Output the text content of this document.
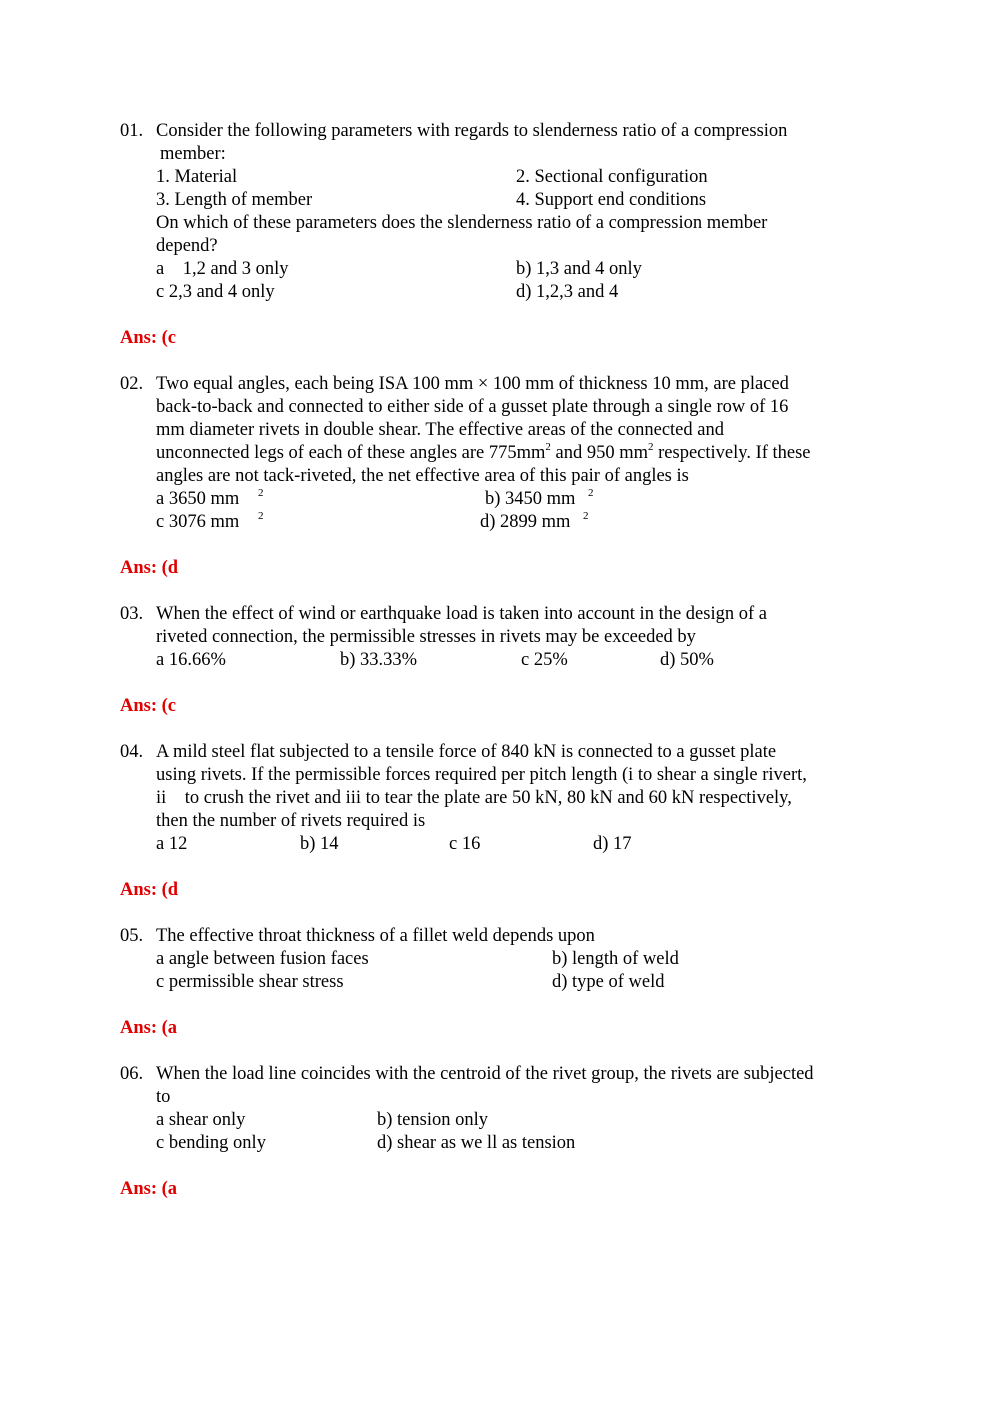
01. Consider the following parameters with regards to slenderness ratio of a compression
member:
1. Material	2. Sectional configuration
3. Length of member	4. Support end conditions
On which of these parameters does the slenderness ratio of a compression member
depend?
a    1,2 and 3 only	b) 1,3 and 4 only
c 2,3 and 4 only	d) 1,2,3 and 4
Ans: (c
02. Two equal angles, each being ISA 100 mm × 100 mm of thickness 10 mm, are placed
back-to-back and connected to either side of a gusset plate through a single row of 16
mm diameter rivets in double shear. The effective areas of the connected and
unconnected legs of each of these angles are $775mm^2$ and 950 $mm^2$ respectively. If these
angles are not tack-riveted, the net effective area of this pair of angles is
a 3650 mm 2	b) 3450 mm 2
c 3076 mm 2	d) 2899 mm 2
Ans: (d
03. When the effect of wind or earthquake load is taken into account in the design of a
riveted connection, the permissible stresses in rivets may be exceeded by
a 16.66%	b) 33.33%	c 25%	d) 50%
Ans: (c
04. A mild steel flat subjected to a tensile force of 840 kN is connected to a gusset plate
using rivets. If the permissible forces required per pitch length (i to shear a single rivert,
ii    to crush the rivet and iii to tear the plate are 50 kN, 80 kN and 60 kN respectively,
then the number of rivets required is
a 12	b) 14	c 16	d) 17
Ans: (d
05. The effective throat thickness of a fillet weld depends upon
a angle between fusion faces	b) length of weld
c permissible shear stress	d) type of weld
Ans: (a
06. When the load line coincides with the centroid of the rivet group, the rivets are subjected
to
a shear only	b) tension only
c bending only	d) shear as we ll as tension
Ans: (a
